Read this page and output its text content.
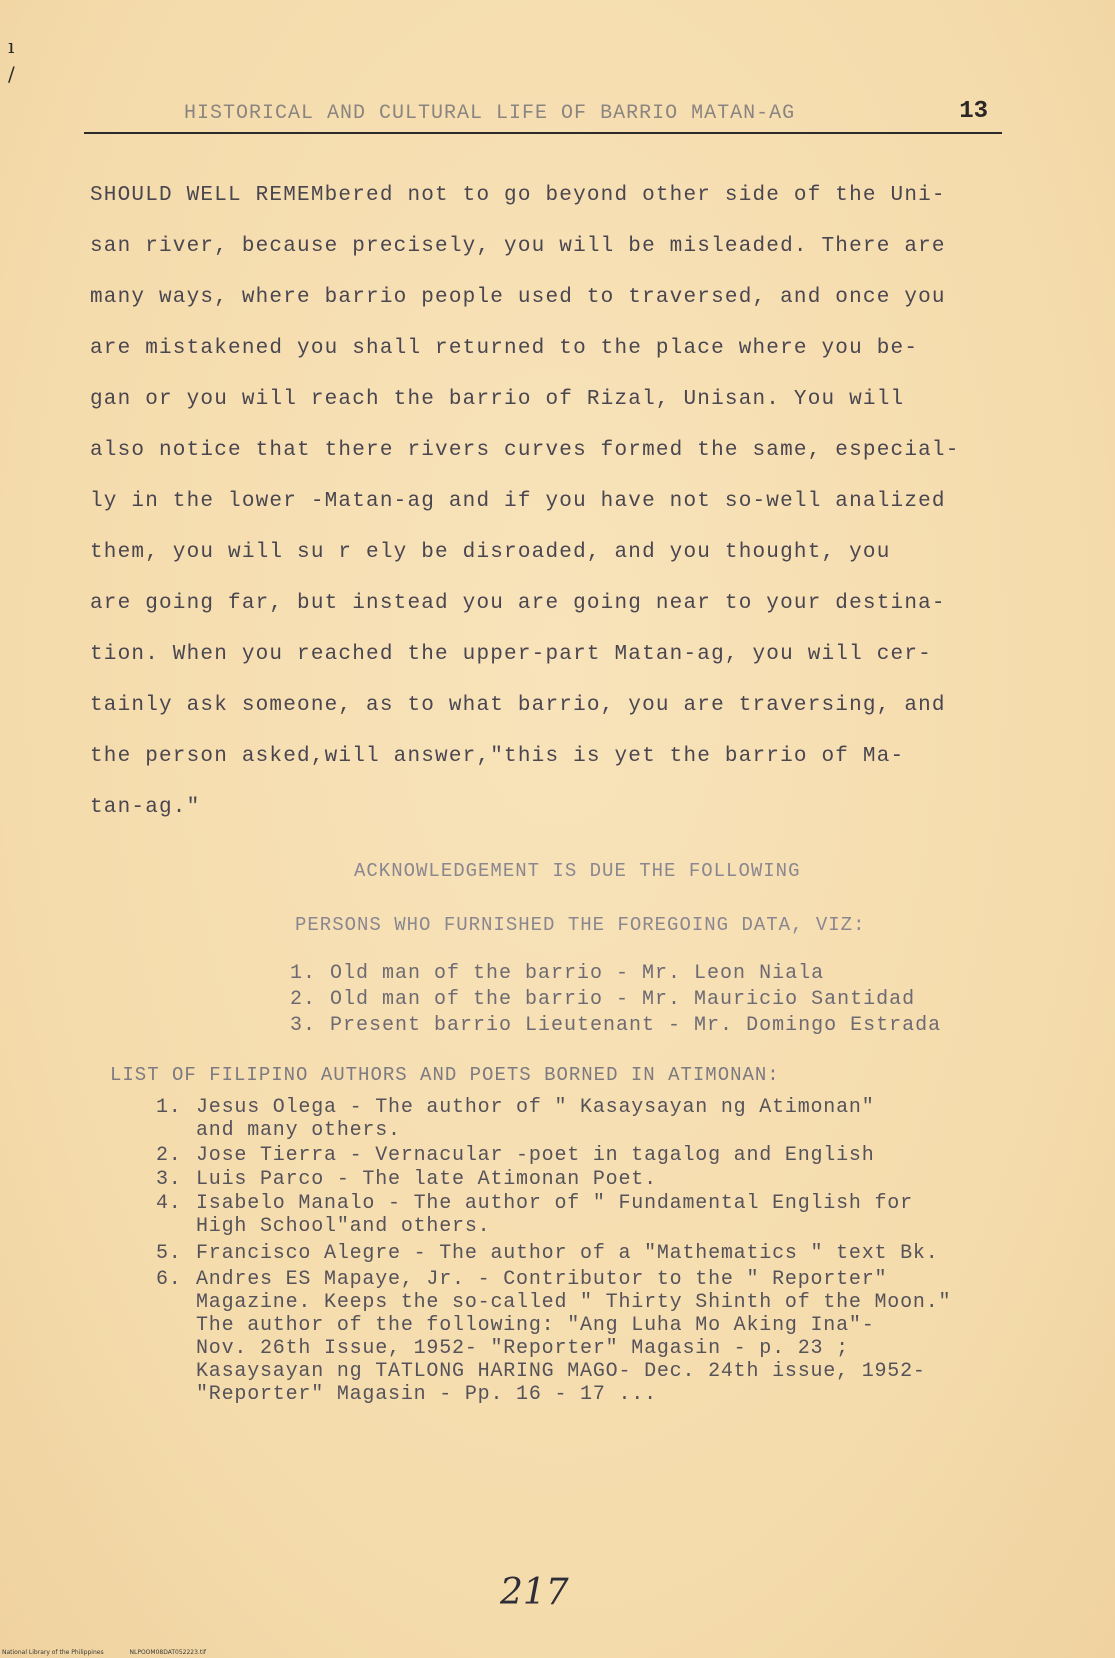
ı
/
HISTORICAL AND CULTURAL LIFE OF BARRIO MATAN-AG	13
SHOULD WELL REMEMbered not to go beyond other side of the Uni-
san river, because precisely, you will be misleaded. There are
many ways, where barrio people used to traversed, and once you
are mistakened you shall returned to the place where you be-
gan or you will reach the barrio of Rizal, Unisan. You will
also notice that there rivers curves formed the same, especial-
ly in the lower -Matan-ag and if you have not so-well analized
them, you will su r ely be disroaded, and you thought, you
are going far, but instead you are going near to your destina-
tion. When you reached the upper-part Matan-ag, you will cer-
tainly ask someone, as to what barrio, you are traversing, and
the person asked,will answer,"this is yet the barrio of Ma-
tan-ag."
ACKNOWLEDGEMENT IS DUE THE FOLLOWING
PERSONS WHO FURNISHED THE FOREGOING DATA, VIZ:
1. Old man of the barrio - Mr. Leon Niala
2. Old man of the barrio - Mr. Mauricio Santidad
3. Present barrio Lieutenant - Mr. Domingo Estrada
LIST OF FILIPINO AUTHORS AND POETS BORNED IN ATIMONAN:
1. Jesus Olega - The author of " Kasaysayan ng Atimonan"
and many others.
2. Jose Tierra - Vernacular -poet in tagalog and English
3. Luis Parco - The late Atimonan Poet.
4. Isabelo Manalo - The author of " Fundamental English for
High School"and others.
5. Francisco Alegre - The author of a "Mathematics " text Bk.
6. Andres ES Mapaye, Jr. - Contributor to the " Reporter"
Magazine. Keeps the so-called " Thirty Shinth of the Moon."
The author of the following: "Ang Luha Mo Aking Ina"-
Nov. 26th Issue, 1952- "Reporter" Magasin - p. 23 ;
Kasaysayan ng TATLONG HARING MAGO- Dec. 24th issue, 1952-
"Reporter" Magasin - Pp. 16 - 17 ...
217
National Library of the Philippines	NLPOOM08DAT052223.tif
